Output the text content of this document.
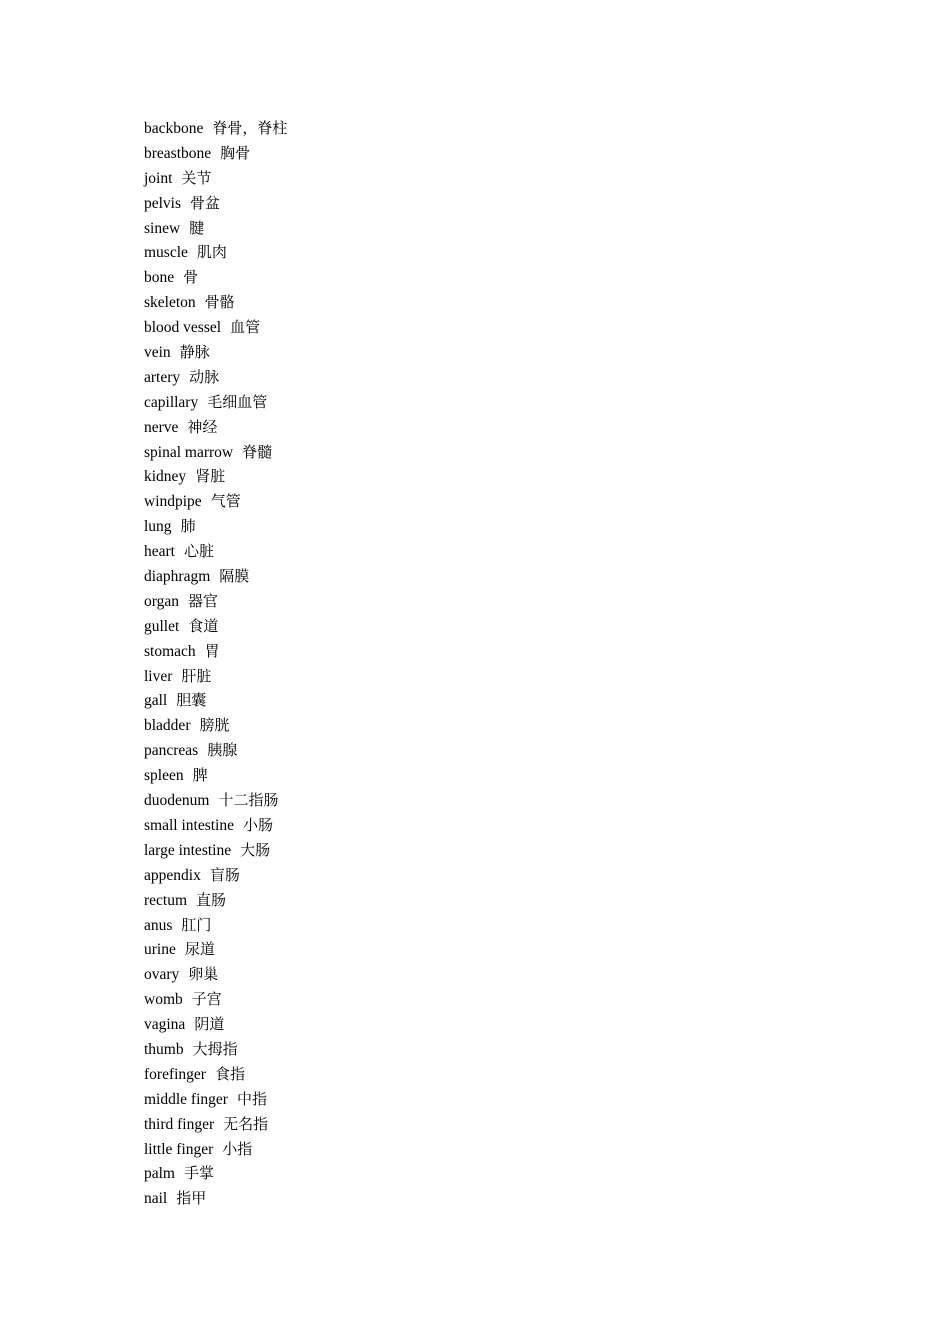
backbone 脊骨，脊柱
breastbone 胸骨
joint 关节
pelvis 骨盆
sinew 腱
muscle 肌肉
bone 骨
skeleton 骨骼
blood vessel 血管
vein 静脉
artery 动脉
capillary 毛细血管
nerve 神经
spinal marrow 脊髓
kidney 肾脏
windpipe 气管
lung 肺
heart 心脏
diaphragm 隔膜
organ 器官
gullet 食道
stomach 胃
liver 肝脏
gall 胆囊
bladder 膀胱
pancreas 胰腺
spleen 脾
duodenum 十二指肠
small intestine 小肠
large intestine 大肠
appendix 盲肠
rectum 直肠
anus 肛门
urine 尿道
ovary 卵巢
womb 子宫
vagina 阴道
thumb 大拇指
forefinger 食指
middle finger 中指
third finger 无名指
little finger 小指
palm 手掌
nail 指甲
